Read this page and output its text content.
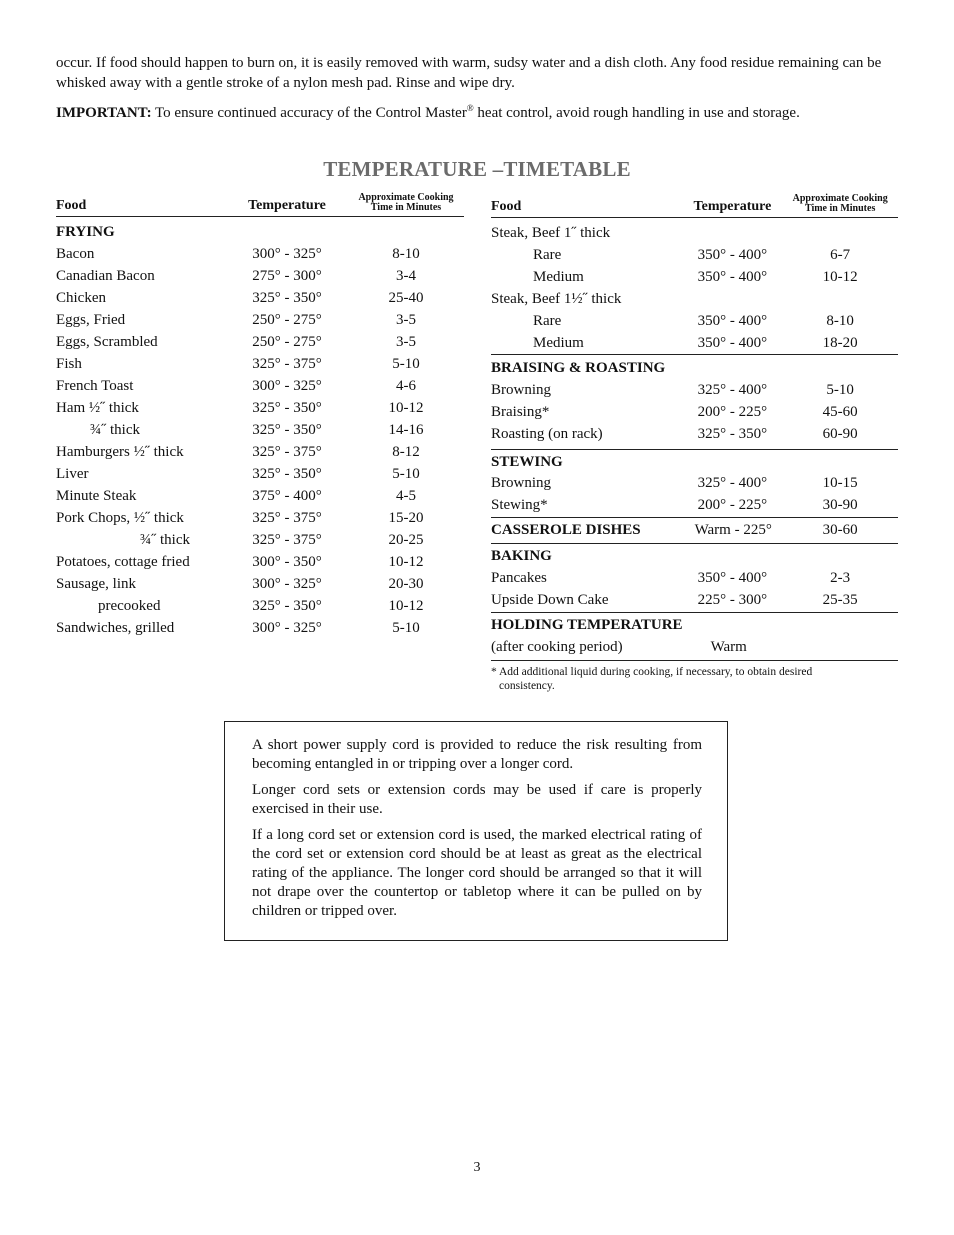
occur. If food should happen to burn on, it is easily removed with warm, sudsy water and a dish cloth. Any food residue remaining can be whisked away with a gentle stroke of a nylon mesh pad. Rinse and wipe dry.

IMPORTANT: To ensure continued accuracy of the Control Master® heat control, avoid rough handling in use and storage.

TEMPERATURE –TIMETABLE
Food	Temperature	Approximate Cooking
Time in Minutes
FRYING		
Bacon	300° - 325°	8-10
Canadian Bacon	275° - 300°	3-4
Chicken	325° - 350°	25-40
Eggs, Fried	250° - 275°	3-5
Eggs, Scrambled	250° - 275°	3-5
Fish	325° - 375°	5-10
French Toast	300° - 325°	4-6
Ham ½˝ thick	325° - 350°	10-12
¾˝ thick	325° - 350°	14-16
Hamburgers ½˝ thick	325° - 375°	8-12
Liver	325° - 350°	5-10
Minute Steak	375° - 400°	4-5
Pork Chops, ½˝ thick	325° - 375°	15-20
¾˝ thick	325° - 375°	20-25
Potatoes, cottage fried	300° - 350°	10-12
Sausage, link	300° - 325°	20-30
precooked	325° - 350°	10-12
Sandwiches, grilled	300° - 325°	5-10
Food	Temperature	Approximate Cooking
Time in Minutes
Steak, Beef 1˝ thick		
Rare	350° - 400°	6-7
Medium	350° - 400°	10-12
Steak, Beef 1½˝ thick		
Rare	350° - 400°	8-10
Medium	350° - 400°	18-20
BRAISING & ROASTING		
Browning	325° - 400°	5-10
Braising*	200° - 225°	45-60
Roasting (on rack)	325° - 350°	60-90
STEWING		
Browning	325° - 400°	10-15
Stewing*	200° - 225°	30-90
CASSEROLE DISHES	Warm - 225°	30-60
BAKING		
Pancakes	350° - 400°	2-3
Upside Down Cake	225° - 300°	25-35
HOLDING TEMPERATURE		
(after cooking period)	Warm	

* Add additional liquid during cooking, if necessary, to obtain desired
consistency.

A short power supply cord is provided to reduce the risk resulting from becoming entangled in or tripping over a longer cord.

Longer cord sets or extension cords may be used if care is properly exercised in their use.

If a long cord set or extension cord is used, the marked electrical rating of the cord set or extension cord should be at least as great as the electrical rating of the appliance. The longer cord should be arranged so that it will not drape over the countertop or tabletop where it can be pulled on by children or tripped over.

3
